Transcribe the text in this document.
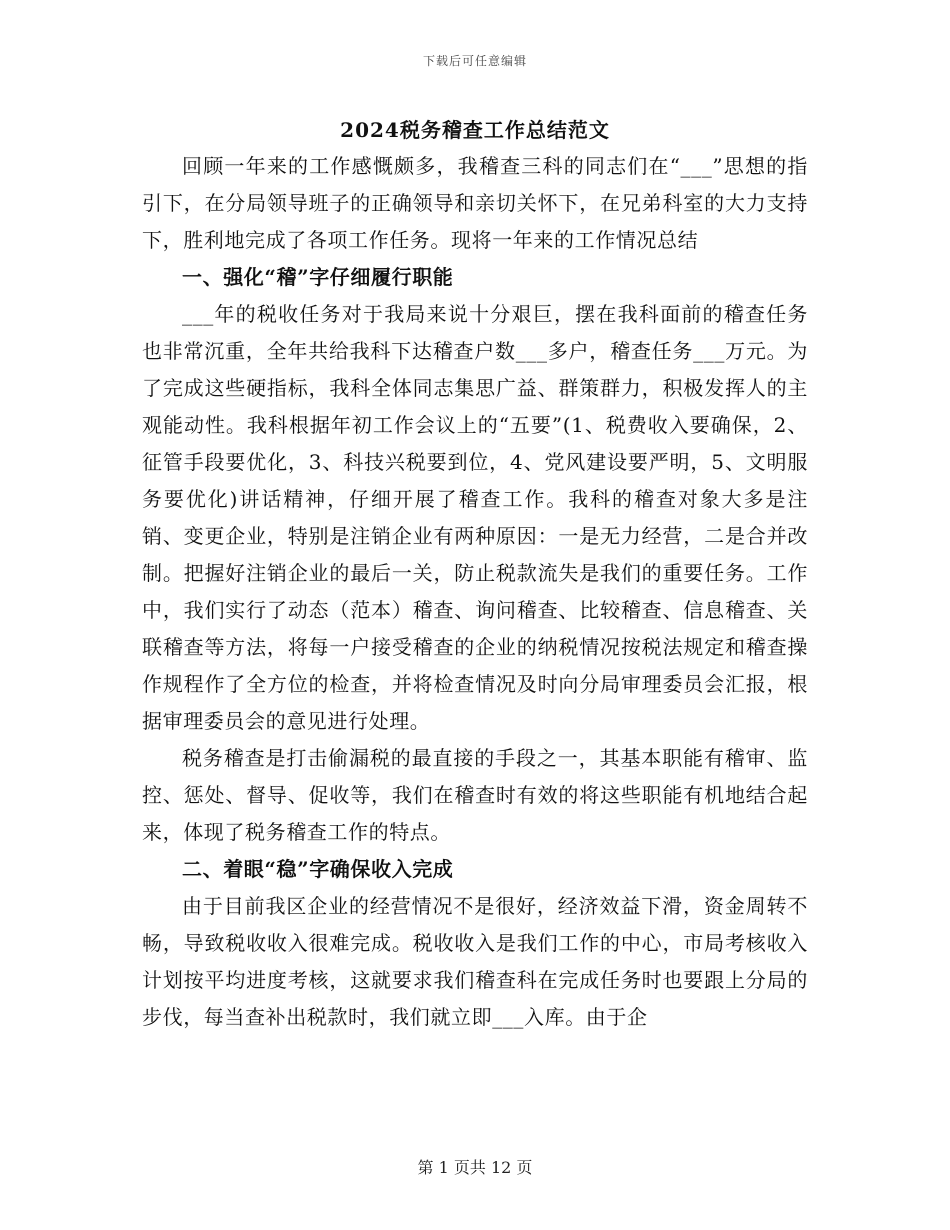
下载后可任意编辑
2024税务稽查工作总结范文

回顾一年来的工作感慨颇多，我稽查三科的同志们在“___”思想的指引下，在分局领导班子的正确领导和亲切关怀下，在兄弟科室的大力支持下，胜利地完成了各项工作任务。现将一年来的工作情况总结

一、强化“稽”字仔细履行职能

___年的税收任务对于我局来说十分艰巨，摆在我科面前的稽查任务也非常沉重，全年共给我科下达稽查户数___多户，稽查任务___万元。为了完成这些硬指标，我科全体同志集思广益、群策群力，积极发挥人的主观能动性。我科根据年初工作会议上的“五要”(1、税费收入要确保，2、征管手段要优化，3、科技兴税要到位，4、党风建设要严明，5、文明服务要优化)讲话精神，仔细开展了稽查工作。我科的稽查对象大多是注销、变更企业，特别是注销企业有两种原因：一是无力经营，二是合并改制。把握好注销企业的最后一关，防止税款流失是我们的重要任务。工作中，我们实行了动态（范本）稽查、询问稽查、比较稽查、信息稽查、关联稽查等方法，将每一户接受稽查的企业的纳税情况按税法规定和稽查操作规程作了全方位的检查，并将检查情况及时向分局审理委员会汇报，根据审理委员会的意见进行处理。

税务稽查是打击偷漏税的最直接的手段之一，其基本职能有稽审、监控、惩处、督导、促收等，我们在稽查时有效的将这些职能有机地结合起来，体现了税务稽查工作的特点。

二、着眼“稳”字确保收入完成

由于目前我区企业的经营情况不是很好，经济效益下滑，资金周转不畅，导致税收收入很难完成。税收收入是我们工作的中心，市局考核收入计划按平均进度考核，这就要求我们稽查科在完成任务时也要跟上分局的步伐，每当查补出税款时，我们就立即___入库。由于企

第 1 页共 12 页
